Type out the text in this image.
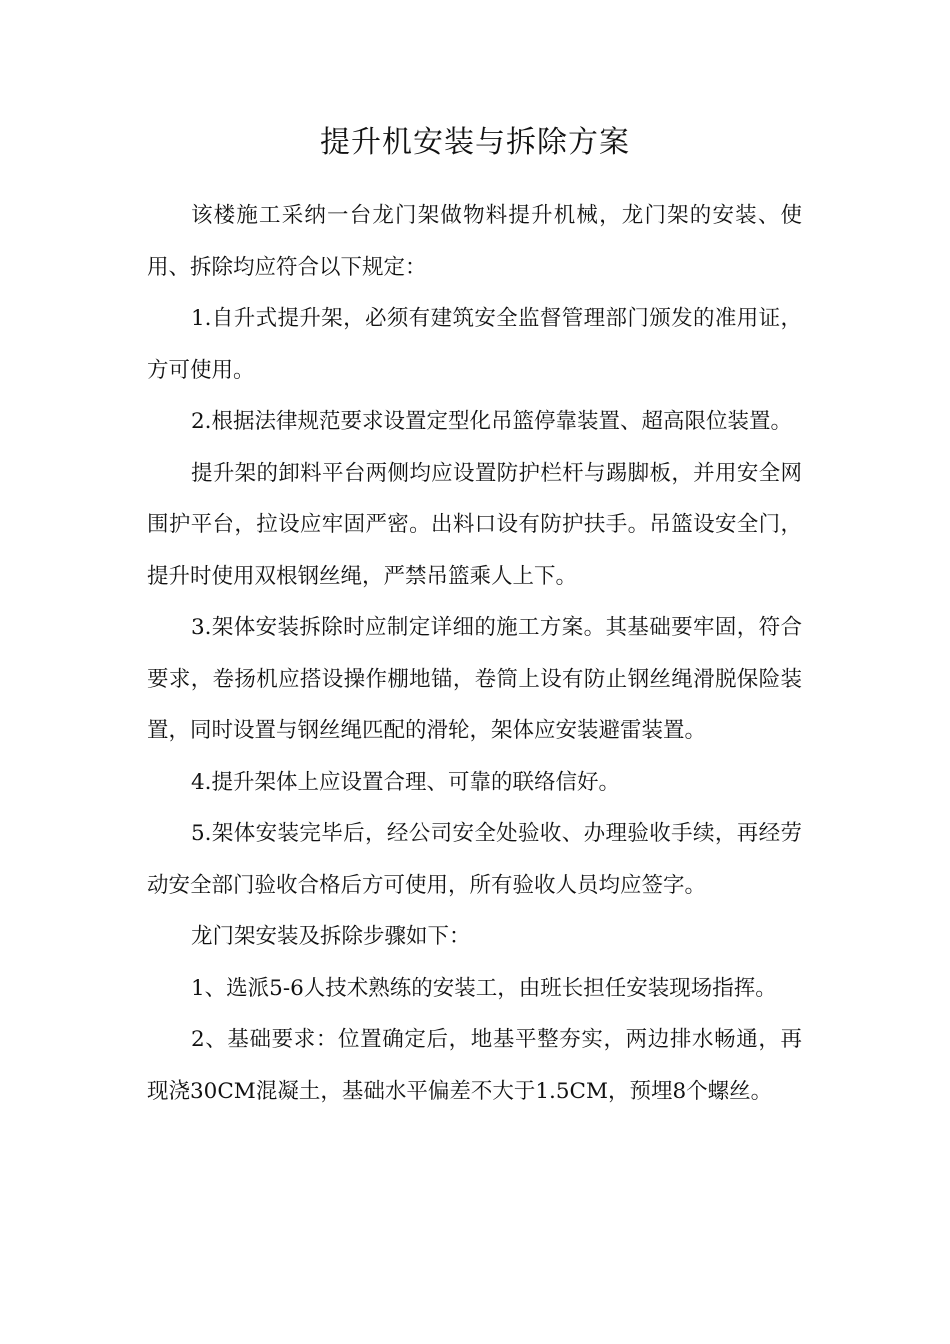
提升机安装与拆除方案

该楼施工采纳一台龙门架做物料提升机械，龙门架的安装、使用、拆除均应符合以下规定：

1.自升式提升架，必须有建筑安全监督管理部门颁发的准用证，方可使用。

2.根据法律规范要求设置定型化吊篮停靠装置、超高限位装置。

提升架的卸料平台两侧均应设置防护栏杆与踢脚板，并用安全网围护平台，拉设应牢固严密。出料口设有防护扶手。吊篮设安全门，提升时使用双根钢丝绳，严禁吊篮乘人上下。

3.架体安装拆除时应制定详细的施工方案。其基础要牢固，符合要求，卷扬机应搭设操作棚地锚，卷筒上设有防止钢丝绳滑脱保险装置，同时设置与钢丝绳匹配的滑轮，架体应安装避雷装置。

4.提升架体上应设置合理、可靠的联络信好。

5.架体安装完毕后，经公司安全处验收、办理验收手续，再经劳动安全部门验收合格后方可使用，所有验收人员均应签字。

龙门架安装及拆除步骤如下：

1、选派5-6人技术熟练的安装工，由班长担任安装现场指挥。

2、基础要求：位置确定后，地基平整夯实，两边排水畅通，再现浇30CM混凝土，基础水平偏差不大于1.5CM，预埋8个螺丝。
